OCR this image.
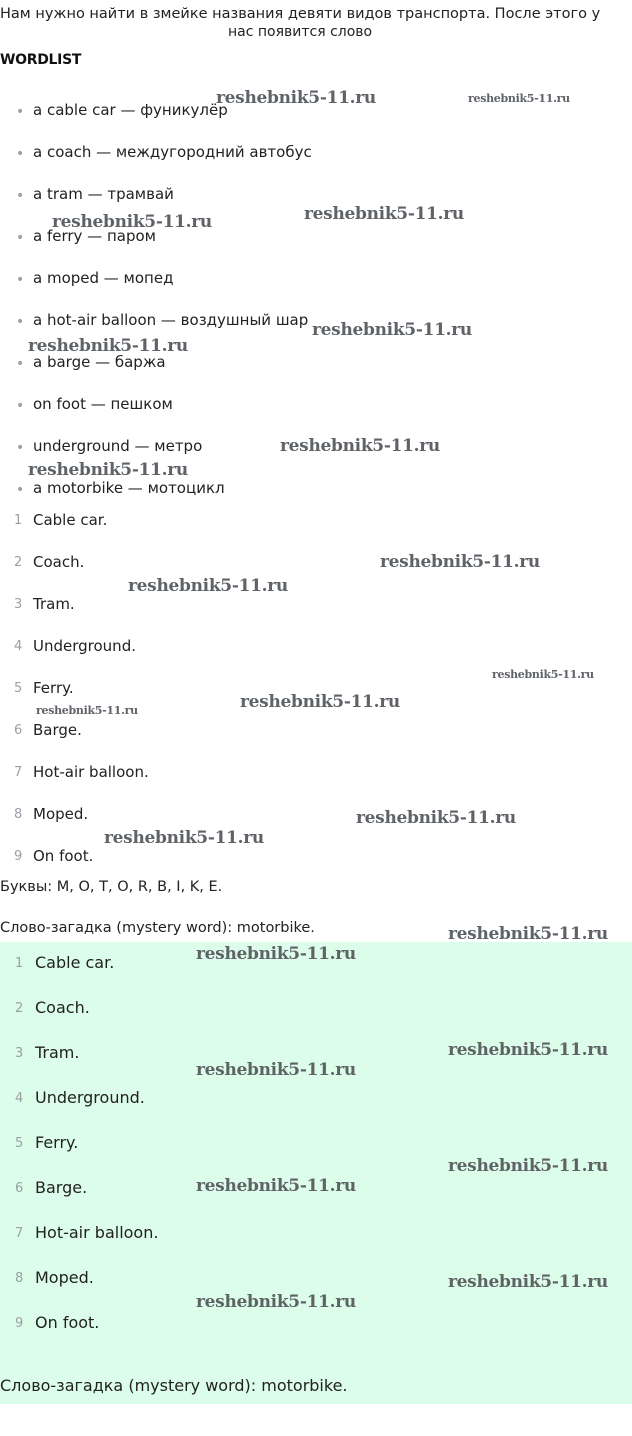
Нам нужно найти в змейке названия девяти видов транспорта. После этого у
нас появится слово
WORDLIST
• a cable car — фуникулёр
• a coach — междугородний автобус
• a tram — трамвай
• a ferry — паром
• a moped — мопед
• a hot-air balloon — воздушный шар
• a barge — баржа
• on foot — пешком
• underground — метро
• a motorbike — мотоцикл
1 Cable car.
2 Coach.
3 Tram.
4 Underground.
5 Ferry.
6 Barge.
7 Hot-air balloon.
8 Moped.
9 On foot.
Буквы: M, O, T, O, R, B, I, K, E.
Слово-загадка (mystery word): motorbike.
1 Cable car.
2 Coach.
3 Tram.
4 Underground.
5 Ferry.
6 Barge.
7 Hot-air balloon.
8 Moped.
9 On foot.
Слово-загадка (mystery word): motorbike.
reshebnik5-11.ru	reshebnik5-11.ru
reshebnik5-11.ru	reshebnik5-11.ru
reshebnik5-11.ru
reshebnik5-11.ru
reshebnik5-11.ru
reshebnik5-11.ru
reshebnik5-11.ru
reshebnik5-11.ru
reshebnik5-11.ru
reshebnik5-11.ru
reshebnik5-11.ru
reshebnik5-11.ru
reshebnik5-11.ru
reshebnik5-11.ru
reshebnik5-11.ru
reshebnik5-11.ru
reshebnik5-11.ru
reshebnik5-11.ru
reshebnik5-11.ru
reshebnik5-11.ru
reshebnik5-11.ru
